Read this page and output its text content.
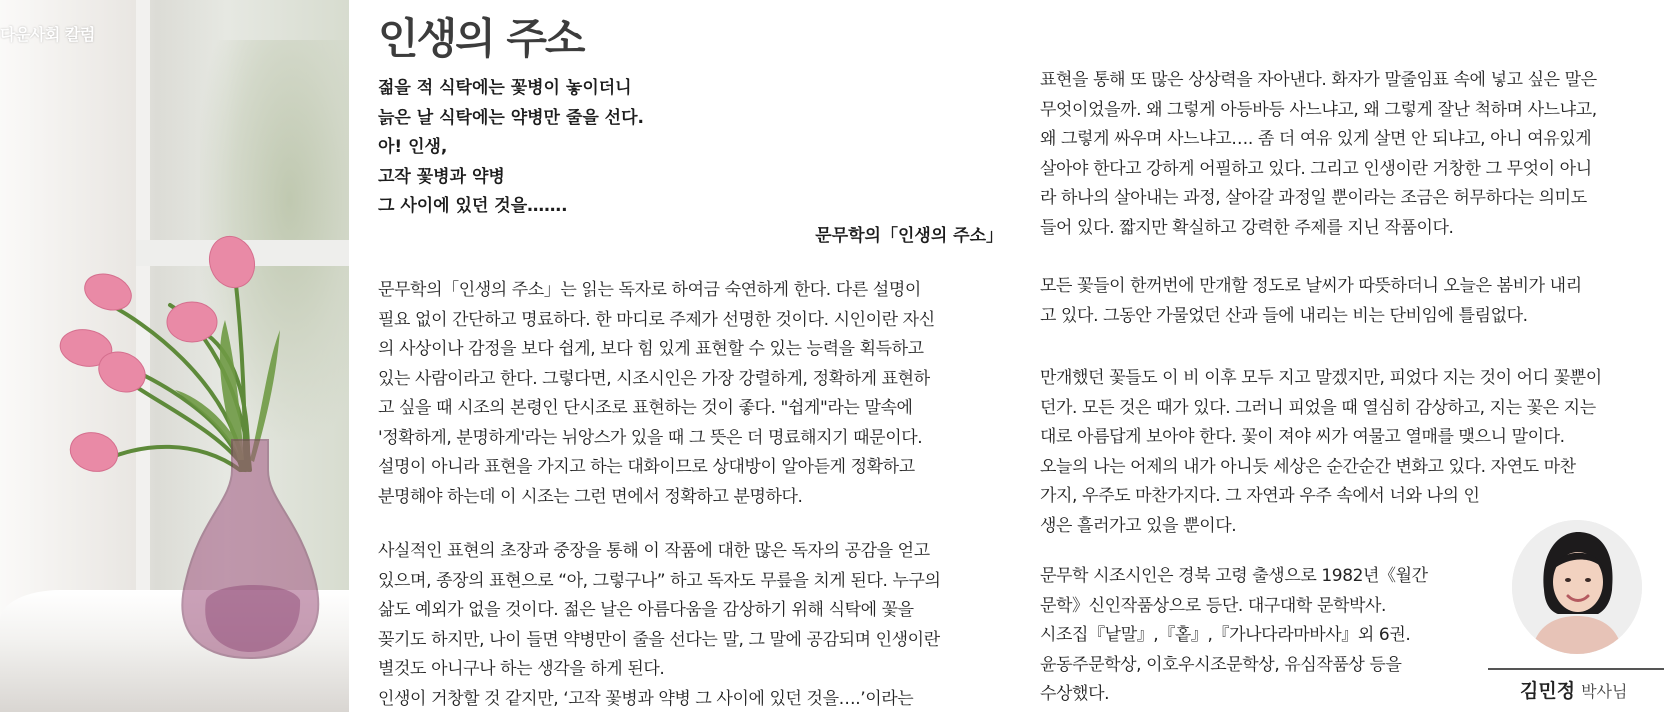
다운사회 칼럼	인생의 주소
젊을 적 식탁에는 꽃병이 놓이더니
늙은 날 식탁에는 약병만 줄을 선다.
아! 인생,
고작 꽃병과 약병
그 사이에 있던 것을…….
문무학의「인생의 주소」
문무학의「인생의 주소」는 읽는 독자로 하여금 숙연하게 한다. 다른 설명이
필요 없이 간단하고 명료하다. 한 마디로 주제가 선명한 것이다. 시인이란 자신
의 사상이나 감정을 보다 쉽게, 보다 힘 있게 표현할 수 있는 능력을 획득하고
있는 사람이라고 한다. 그렇다면, 시조시인은 가장 강렬하게, 정확하게 표현하
고 싶을 때 시조의 본령인 단시조로 표현하는 것이 좋다. "쉽게"라는 말속에
'정확하게, 분명하게'라는 뉘앙스가 있을 때 그 뜻은 더 명료해지기 때문이다.
설명이 아니라 표현을 가지고 하는 대화이므로 상대방이 알아듣게 정확하고
분명해야 하는데 이 시조는 그런 면에서 정확하고 분명하다.
사실적인 표현의 초장과 중장을 통해 이 작품에 대한 많은 독자의 공감을 얻고
있으며, 종장의 표현으로 “아, 그렇구나” 하고 독자도 무릎을 치게 된다. 누구의
삶도 예외가 없을 것이다. 젊은 날은 아름다움을 감상하기 위해 식탁에 꽃을
꽂기도 하지만, 나이 들면 약병만이 줄을 선다는 말, 그 말에 공감되며 인생이란
별것도 아니구나 하는 생각을 하게 된다.
인생이 거창할 것 같지만, ‘고작 꽃병과 약병 그 사이에 있던 것을….’이라는
표현을 통해 또 많은 상상력을 자아낸다. 화자가 말줄임표 속에 넣고 싶은 말은
무엇이었을까. 왜 그렇게 아등바등 사느냐고, 왜 그렇게 잘난 척하며 사느냐고,
왜 그렇게 싸우며 사느냐고…. 좀 더 여유 있게 살면 안 되냐고, 아니 여유있게
살아야 한다고 강하게 어필하고 있다. 그리고 인생이란 거창한 그 무엇이 아니
라 하나의 살아내는 과정, 살아갈 과정일 뿐이라는 조금은 허무하다는 의미도
들어 있다. 짧지만 확실하고 강력한 주제를 지닌 작품이다.
모든 꽃들이 한꺼번에 만개할 정도로 날씨가 따뜻하더니 오늘은 봄비가 내리
고 있다. 그동안 가물었던 산과 들에 내리는 비는 단비임에 틀림없다.
만개했던 꽃들도 이 비 이후 모두 지고 말겠지만, 피었다 지는 것이 어디 꽃뿐이
던가. 모든 것은 때가 있다. 그러니 피었을 때 열심히 감상하고, 지는 꽃은 지는
대로 아름답게 보아야 한다. 꽃이 져야 씨가 여물고 열매를 맺으니 말이다.
오늘의 나는 어제의 내가 아니듯 세상은 순간순간 변화고 있다. 자연도 마찬
가지, 우주도 마찬가지다. 그 자연과 우주 속에서 너와 나의 인
생은 흘러가고 있을 뿐이다.
문무학 시조시인은 경북 고령 출생으로 1982년《월간
문학》신인작품상으로 등단. 대구대학 문학박사.
시조집『낱말』,『홑』,『가나다라마바사』외 6권.
윤동주문학상, 이호우시조문학상, 유심작품상 등을
수상했다.	김민정 박사님
